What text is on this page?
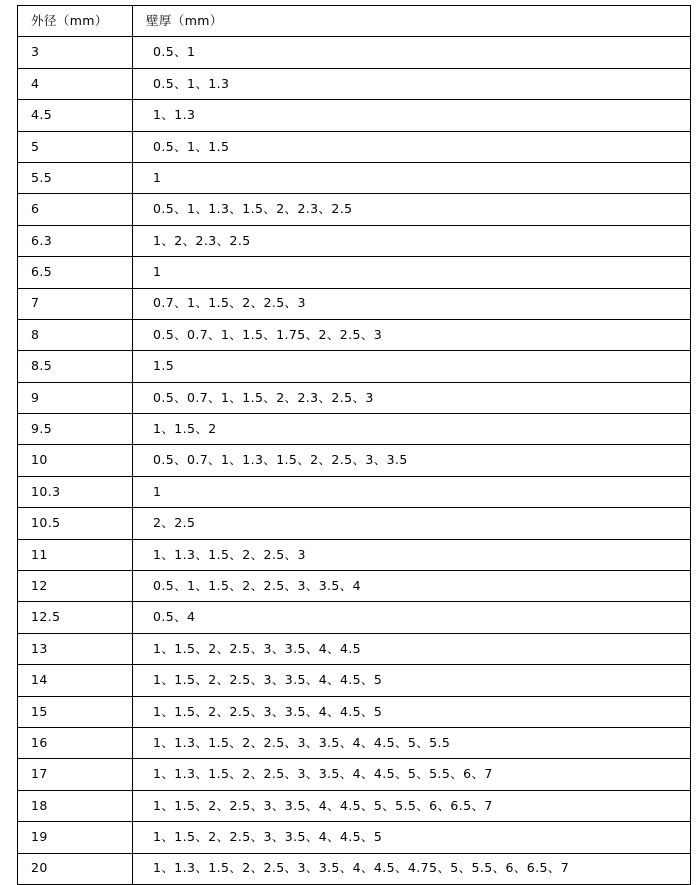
外径（mm）	壁厚（mm）
3	0.5、1
4	0.5、1、1.3
4.5	1、1.3
5	0.5、1、1.5
5.5	1
6	0.5、1、1.3、1.5、2、2.3、2.5
6.3	1、2、2.3、2.5
6.5	1
7	0.7、1、1.5、2、2.5、3
8	0.5、0.7、1、1.5、1.75、2、2.5、3
8.5	1.5
9	0.5、0.7、1、1.5、2、2.3、2.5、3
9.5	1、1.5、2
10	0.5、0.7、1、1.3、1.5、2、2.5、3、3.5
10.3	1
10.5	2、2.5
11	1、1.3、1.5、2、2.5、3
12	0.5、1、1.5、2、2.5、3、3.5、4
12.5	0.5、4
13	1、1.5、2、2.5、3、3.5、4、4.5
14	1、1.5、2、2.5、3、3.5、4、4.5、5
15	1、1.5、2、2.5、3、3.5、4、4.5、5
16	1、1.3、1.5、2、2.5、3、3.5、4、4.5、5、5.5
17	1、1.3、1.5、2、2.5、3、3.5、4、4.5、5、5.5、6、7
18	1、1.5、2、2.5、3、3.5、4、4.5、5、5.5、6、6.5、7
19	1、1.5、2、2.5、3、3.5、4、4.5、5
20	1、1.3、1.5、2、2.5、3、3.5、4、4.5、4.75、5、5.5、6、6.5、7
